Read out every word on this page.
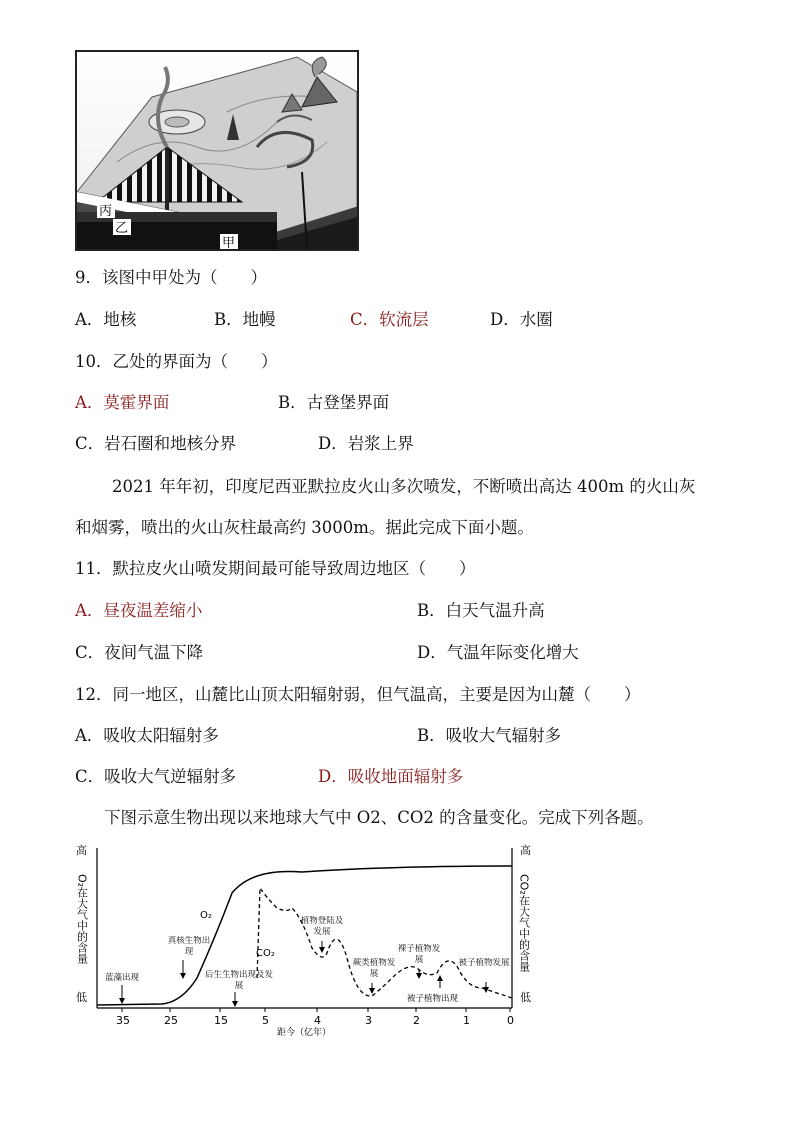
丙
乙
甲
9．该图中甲处为（　　）
A．地核	B．地幔	C．软流层	D．水圈
10．乙处的界面为（　　）
A．莫霍界面	B．古登堡界面
C．岩石圈和地核分界	D．岩浆上界
2021 年年初，印度尼西亚默拉皮火山多次喷发，不断喷出高达 400m 的火山灰
和烟雾，喷出的火山灰柱最高约 3000m。据此完成下面小题。
11．默拉皮火山喷发期间最可能导致周边地区（　　）
A．昼夜温差缩小	B．白天气温升高
C．夜间气温下降	D．气温年际变化增大
12．同一地区，山麓比山顶太阳辐射弱，但气温高，主要是因为山麓（　　）
A．吸收太阳辐射多	B．吸收大气辐射多
C．吸收大气逆辐射多	D．吸收地面辐射多
下图示意生物出现以来地球大气中 O2、CO2 的含量变化。完成下列各题。
高
低
O₂在大气中的含量
高
低
CO₂在大气中的含量
35	25	15	5	4	3	2	1	0
O₂
CO₂
蓝藻出现
真核生物出现
后生生物出现及发展
植物登陆及发展
蕨类植物发展
裸子植物发展
被子植物出现
被子植物发展
距今（亿年）
